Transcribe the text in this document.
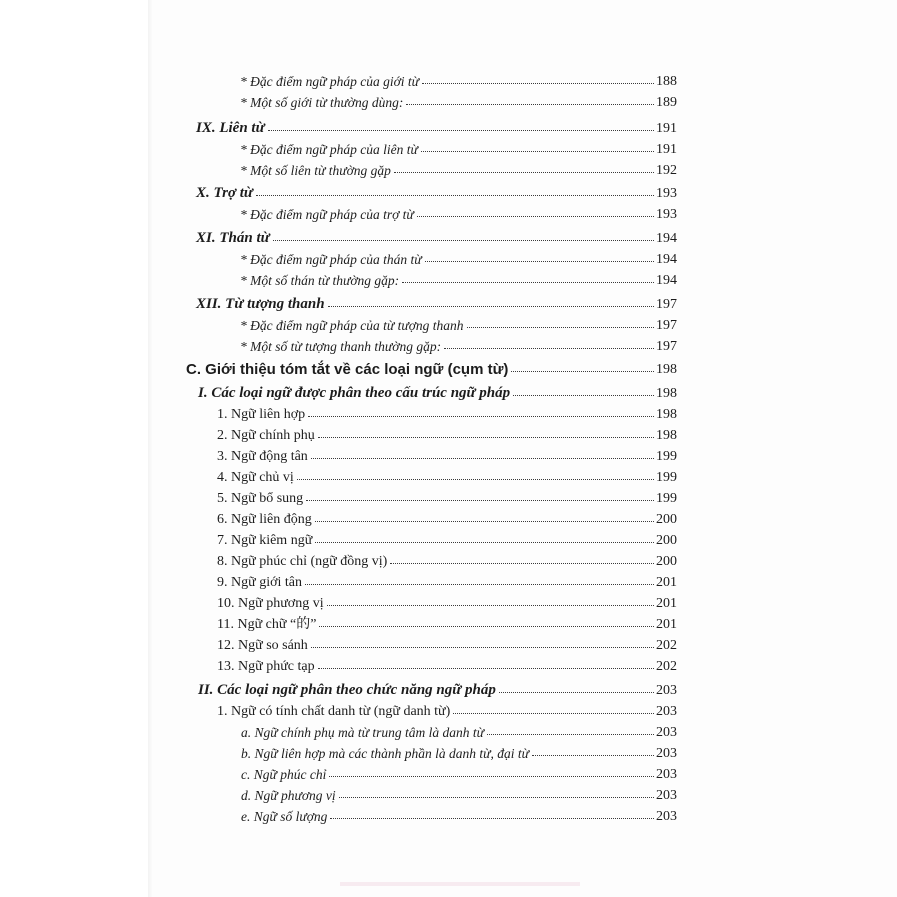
* Đặc điểm ngữ pháp của giới từ	188
* Một số giới từ thường dùng:	189
IX. Liên từ	191
* Đặc điểm ngữ pháp của liên từ	191
* Một số liên từ thường gặp	192
X. Trợ từ	193
* Đặc điểm ngữ pháp của trợ từ	193
XI. Thán từ	194
* Đặc điểm ngữ pháp của thán từ	194
* Một số thán từ thường gặp:	194
XII. Từ tượng thanh	197
* Đặc điểm ngữ pháp của từ tượng thanh	197
* Một số từ tượng thanh thường gặp:	197
C. Giới thiệu tóm tắt về các loại ngữ (cụm từ)	198
I. Các loại ngữ được phân theo cấu trúc ngữ pháp	198
1. Ngữ liên hợp	198
2. Ngữ chính phụ	198
3. Ngữ động tân	199
4. Ngữ chủ vị	199
5. Ngữ bổ sung	199
6. Ngữ liên động	200
7. Ngữ kiêm ngữ	200
8. Ngữ phúc chỉ (ngữ đồng vị)	200
9. Ngữ giới tân	201
10. Ngữ phương vị	201
11. Ngữ chữ “的”	201
12. Ngữ so sánh	202
13. Ngữ phức tạp	202
II. Các loại ngữ phân theo chức năng ngữ pháp	203
1. Ngữ có tính chất danh từ (ngữ danh từ)	203
a. Ngữ chính phụ mà từ trung tâm là danh từ	203
b. Ngữ liên hợp mà các thành phần là danh từ, đại từ	203
c. Ngữ phúc chỉ	203
d. Ngữ phương vị	203
e. Ngữ số lượng	203
